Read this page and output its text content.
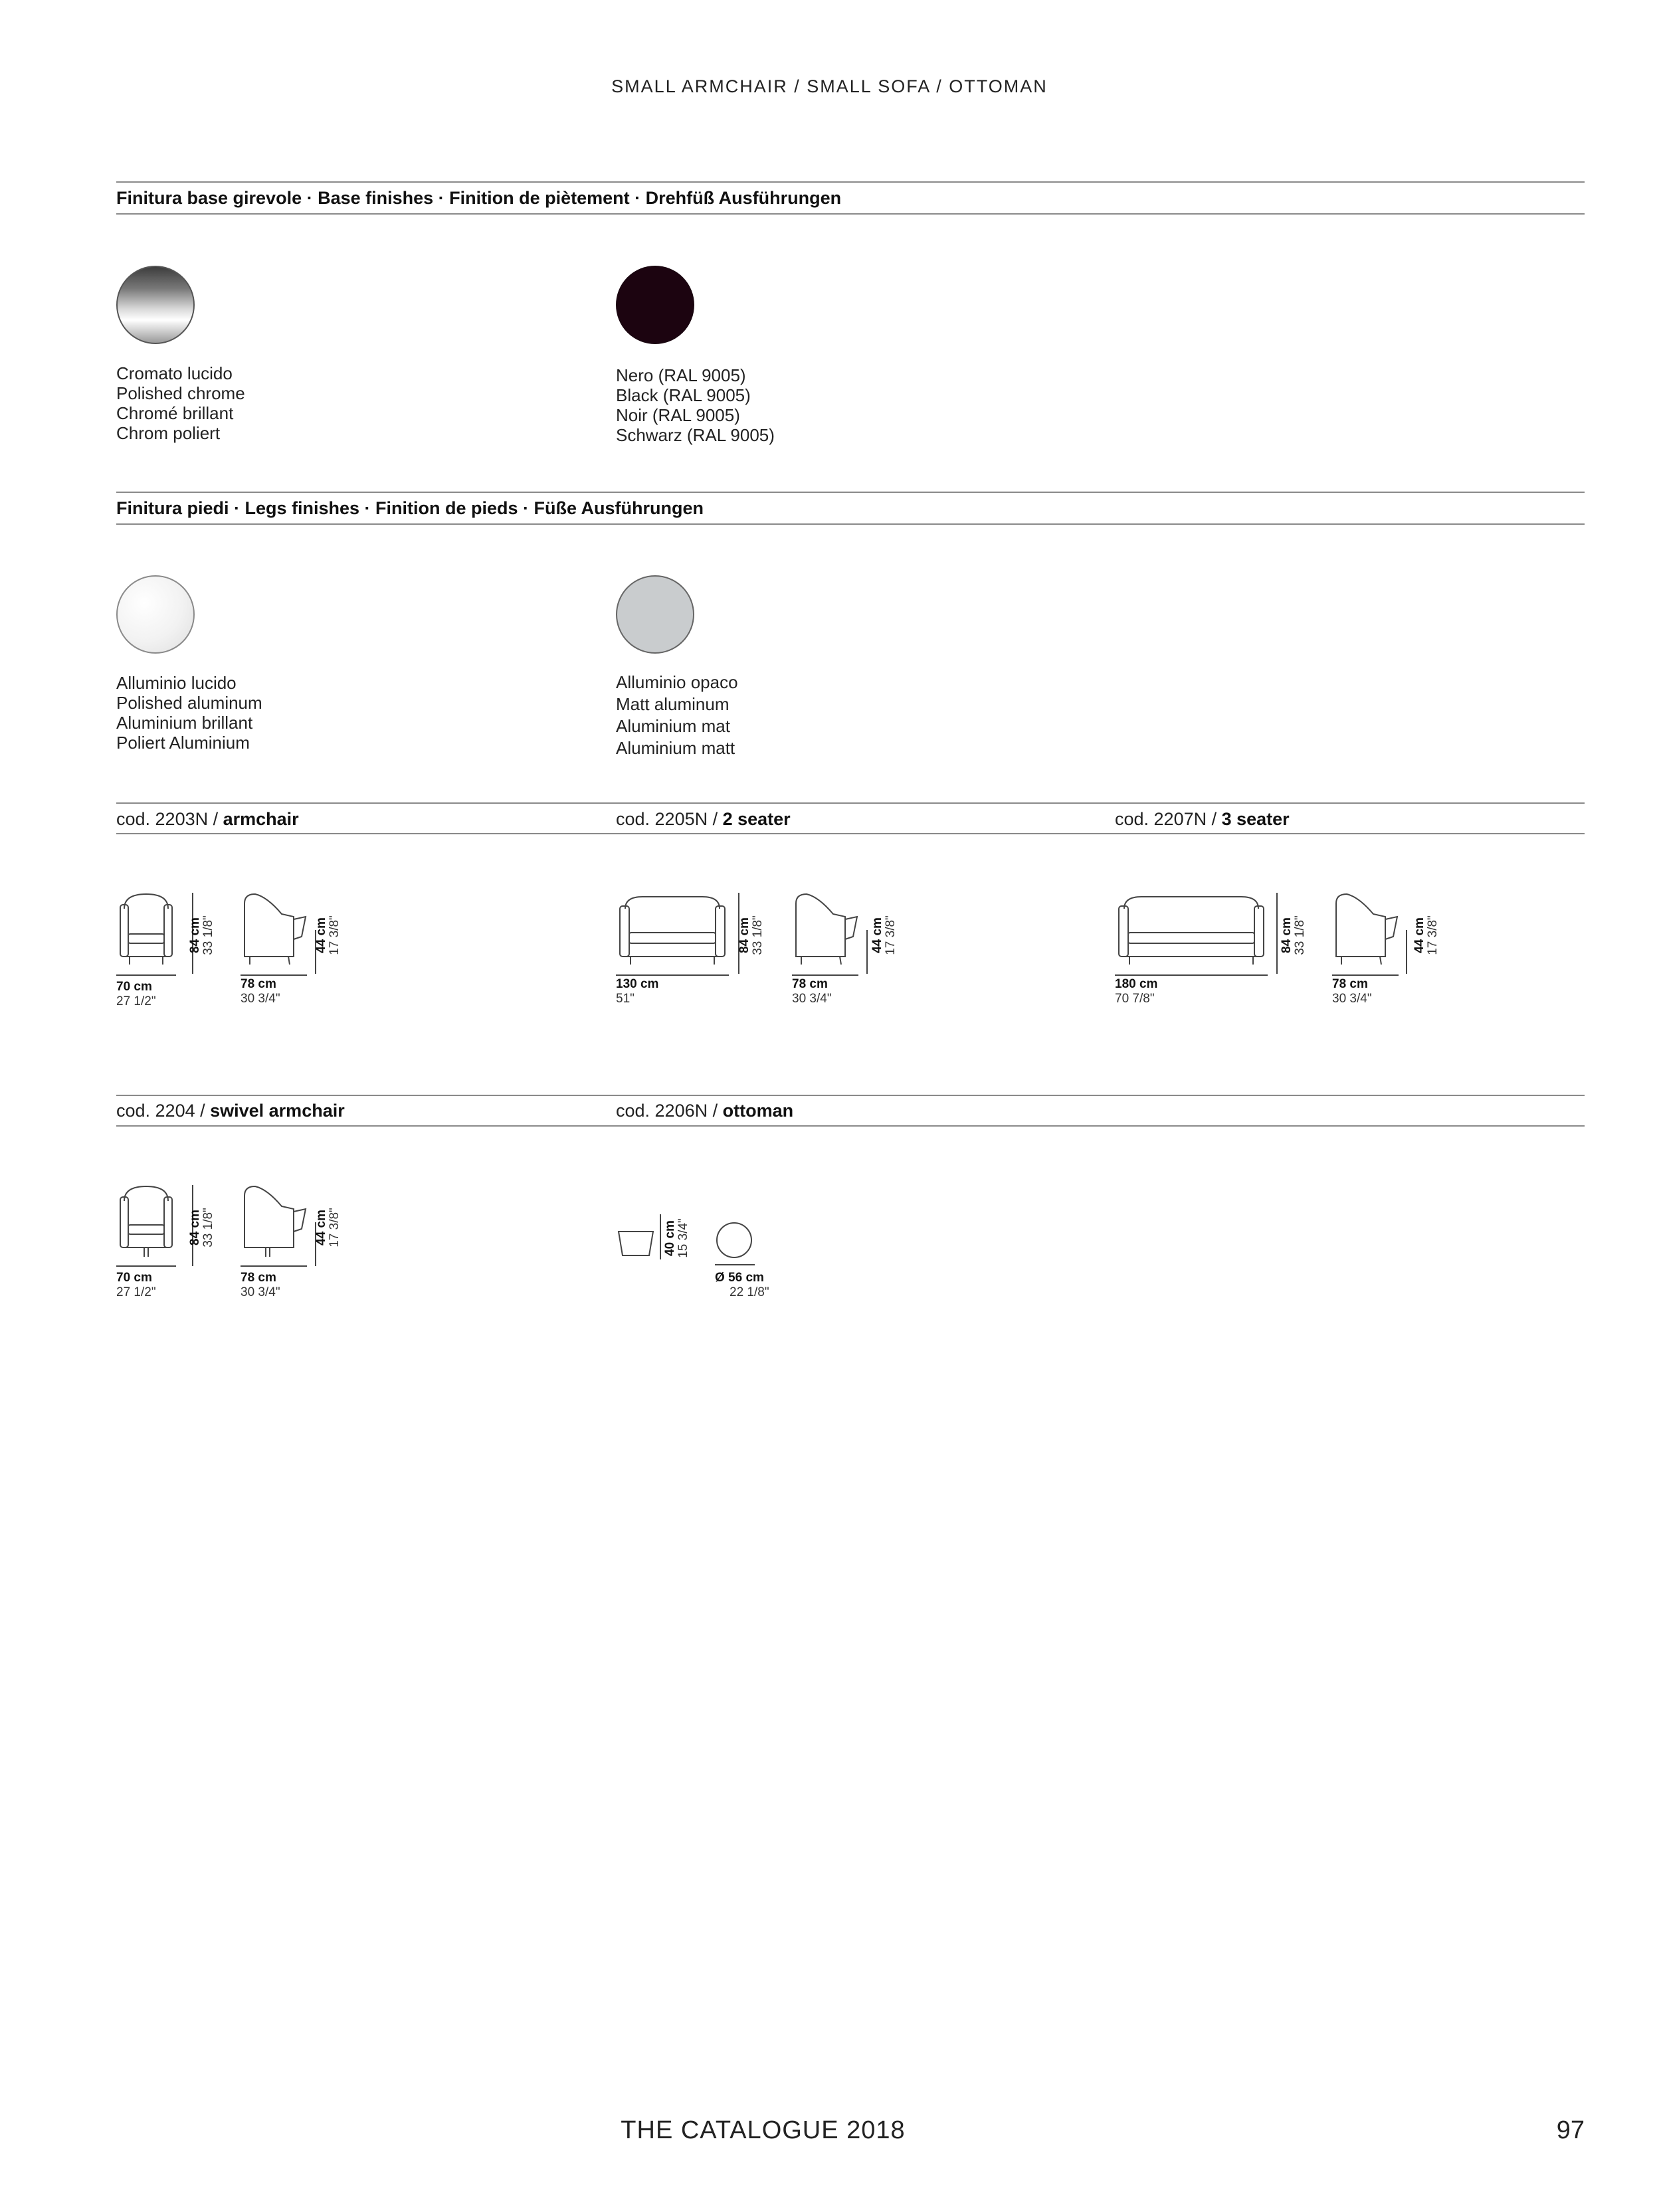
SMALL ARMCHAIR / SMALL SOFA / OTTOMAN
Finitura base girevole · Base finishes · Finition de piètement · Drehfüß Ausführungen
Cromato lucido
Polished chrome
Chromé brillant
Chrom poliert
Nero (RAL 9005)
Black (RAL 9005)
Noir (RAL 9005)
Schwarz (RAL 9005)
Finitura piedi · Legs finishes · Finition de pieds · Füße Ausführungen
Alluminio lucido
Polished aluminum
Aluminium brillant
Poliert Aluminium
Alluminio opaco
Matt aluminum
Aluminium mat
Aluminium matt
cod. 2203N / armchair	cod. 2205N / 2 seater	cod. 2207N / 3 seater
84 cm 33 1/8"	44 cm 17 3/8"
70 cm
27 1/2"
78 cm
30 3/4"
84 cm 33 1/8"	44 cm 17 3/8"
130 cm
51"
78 cm
30 3/4"
84 cm 33 1/8"	44 cm 17 3/8"
180 cm
70 7/8"
78 cm
30 3/4"
cod. 2204 / swivel armchair	cod. 2206N / ottoman
84 cm 33 1/8"	44 cm 17 3/8"
70 cm
27 1/2"
78 cm
30 3/4"
40 cm 15 3/4"
Ø 56 cm
22 1/8"
THE CATALOGUE 2018	97
